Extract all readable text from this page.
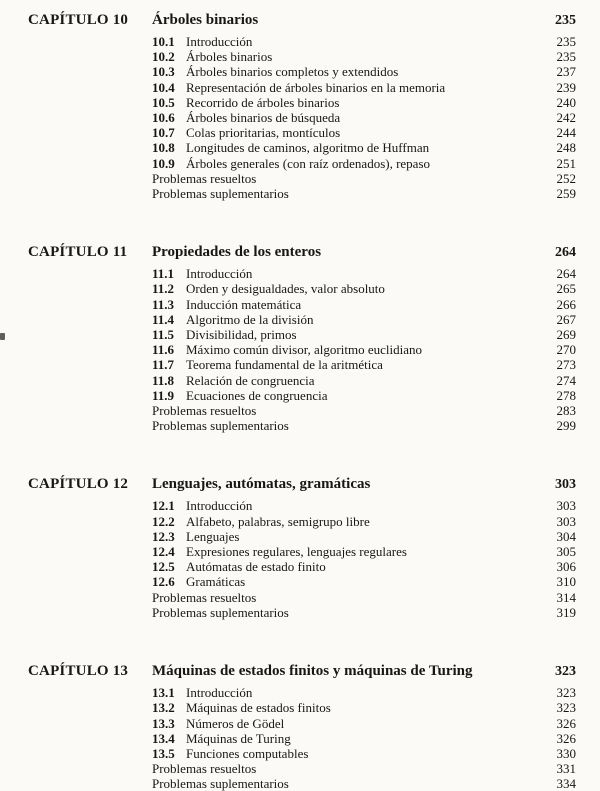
CAPÍTULO 10	Árboles binarios	235
10.1 Introducción	235
10.2 Árboles binarios	235
10.3 Árboles binarios completos y extendidos	237
10.4 Representación de árboles binarios en la memoria	239
10.5 Recorrido de árboles binarios	240
10.6 Árboles binarios de búsqueda	242
10.7 Colas prioritarias, montículos	244
10.8 Longitudes de caminos, algoritmo de Huffman	248
10.9 Árboles generales (con raíz ordenados), repaso	251
Problemas resueltos	252
Problemas suplementarios	259
CAPÍTULO 11	Propiedades de los enteros	264
11.1 Introducción	264
11.2 Orden y desigualdades, valor absoluto	265
11.3 Inducción matemática	266
11.4 Algoritmo de la división	267
11.5 Divisibilidad, primos	269
11.6 Máximo común divisor, algoritmo euclidiano	270
11.7 Teorema fundamental de la aritmética	273
11.8 Relación de congruencia	274
11.9 Ecuaciones de congruencia	278
Problemas resueltos	283
Problemas suplementarios	299
CAPÍTULO 12	Lenguajes, autómatas, gramáticas	303
12.1 Introducción	303
12.2 Alfabeto, palabras, semigrupo libre	303
12.3 Lenguajes	304
12.4 Expresiones regulares, lenguajes regulares	305
12.5 Autómatas de estado finito	306
12.6 Gramáticas	310
Problemas resueltos	314
Problemas suplementarios	319
CAPÍTULO 13	Máquinas de estados finitos y máquinas de Turing	323
13.1 Introducción	323
13.2 Máquinas de estados finitos	323
13.3 Números de Gödel	326
13.4 Máquinas de Turing	326
13.5 Funciones computables	330
Problemas resueltos	331
Problemas suplementarios	334
